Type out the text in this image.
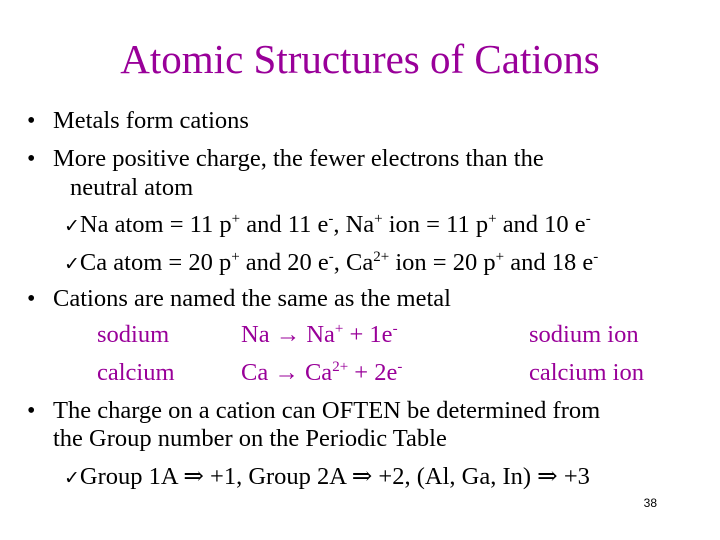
Atomic Structures of Cations
• Metals form cations
• More positive charge, the fewer electrons than the
neutral atom
✓Na atom = 11 p+ and 11 e-, Na+ ion = 11 p+ and 10 e-
✓Ca atom = 20 p+ and 20 e-, $Ca^{2+}$ ion = 20 p+ and 18 e-
• Cations are named the same as the metal
sodium	Na → Na+ + 1e-	sodium ion
calcium	$Ca \to Ca^{2+} + 2e^-$	calcium ion
• The charge on a cation can OFTEN be determined from
the Group number on the Periodic Table
✓Group 1A ⇒ +1, Group 2A ⇒ +2, (Al, Ga, In) ⇒ +3
38
